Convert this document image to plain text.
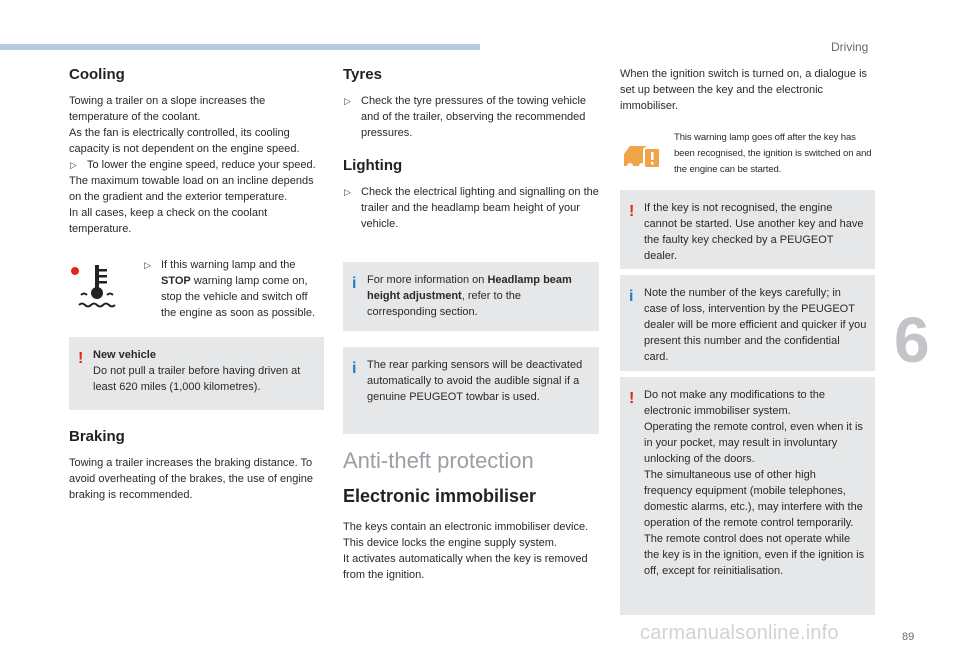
Driving
6
89
carmanualsonline.info
Cooling

Towing a trailer on a slope increases the temperature of the coolant.

As the fan is electrically controlled, its cooling capacity is not dependent on the engine speed.

▷ To lower the engine speed, reduce your speed.

The maximum towable load on an incline depends on the gradient and the exterior temperature.

In all cases, keep a check on the coolant temperature.

▷ If this warning lamp and the STOP warning lamp come on, stop the vehicle and switch off the engine as soon as possible.
! New vehicle
Do not pull a trailer before having driven at least 620 miles (1,000 kilometres).
Braking

Towing a trailer increases the braking distance. To avoid overheating of the brakes, the use of engine braking is recommended.

Tyres

▷ Check the tyre pressures of the towing vehicle and of the trailer, observing the recommended pressures.

Lighting

▷ Check the electrical lighting and signalling on the trailer and the headlamp beam height of your vehicle.

i For more information on Headlamp beam height adjustment, refer to the corresponding section.
i The rear parking sensors will be deactivated automatically to avoid the audible signal if a genuine PEUGEOT towbar is used.
Anti-theft protection
Electronic immobiliser

The keys contain an electronic immobiliser device.

This device locks the engine supply system.

It activates automatically when the key is removed from the ignition.

When the ignition switch is turned on, a dialogue is set up between the key and the electronic immobiliser.

This warning lamp goes off after the key has been recognised, the ignition is switched on and the engine can be started.
! If the key is not recognised, the engine cannot be started. Use another key and have the faulty key checked by a PEUGEOT dealer.
i Note the number of the keys carefully; in case of loss, intervention by the PEUGEOT dealer will be more efficient and quicker if you present this number and the confidential card.
! Do not make any modifications to the electronic immobiliser system.
Operating the remote control, even when it is in your pocket, may result in involuntary unlocking of the doors.
The simultaneous use of other high frequency equipment (mobile telephones, domestic alarms, etc.), may interfere with the operation of the remote control temporarily.
The remote control does not operate while the key is in the ignition, even if the ignition is off, except for reinitialisation.
